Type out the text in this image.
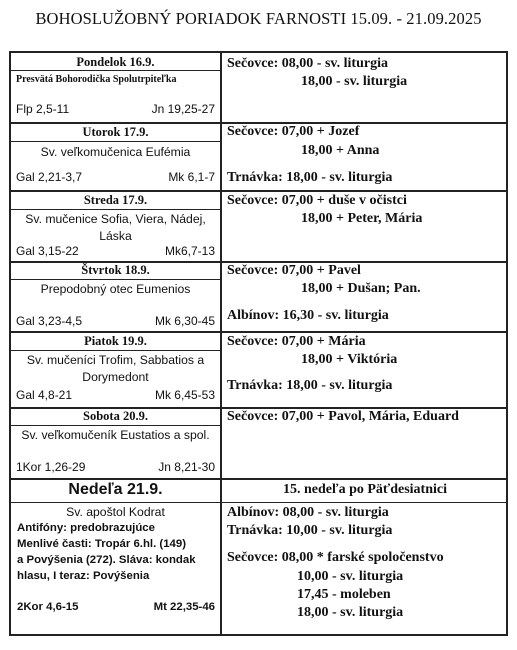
BOHOSLUŽOBNÝ PORIADOK FARNOSTI 15.09. - 21.09.2025
Pondelok 16.9.
Presvätá Bohorodička Spolutrpiteľka
Flp 2,5-11	Jn 19,25-27
Sečovce: 08,00 - sv. liturgia
18,00 - sv. liturgia
Utorok 17.9.
Sv. veľkomučenica Eufémia
Gal 2,21-3,7	Mk 6,1-7
Sečovce: 07,00 + Jozef
18,00 + Anna
Trnávka: 18,00 - sv. liturgia
Streda 17.9.
Sv. mučenice Sofia, Viera, Nádej, Láska
Gal 3,15-22	Mk6,7-13
Sečovce: 07,00 + duše v očistci
18,00 + Peter, Mária
Štvrtok 18.9.
Prepodobný otec Eumenios
Gal 3,23-4,5	Mk 6,30-45
Sečovce: 07,00 + Pavel
18,00 + Dušan; Pan.
Albínov: 16,30 - sv. liturgia
Piatok 19.9.
Sv. mučeníci Trofim, Sabbatios a Dorymedont
Gal 4,8-21	Mk 6,45-53
Sečovce: 07,00 + Mária
18,00 + Viktória
Trnávka: 18,00 - sv. liturgia
Sobota 20.9.
Sv. veľkomučeník Eustatios a spol.
1Kor 1,26-29	Jn 8,21-30
Sečovce: 07,00 + Pavol, Mária, Eduard
Nedeľa 21.9.	15. nedeľa po Päťdesiatnici
Sv. apoštol Kodrat
Antifóny: predobrazujúce
Menlivé časti: Tropár 6.hl. (149)
a Povýšenia (272). Sláva: kondak
hlasu, I teraz: Povýšenia
2Kor 4,6-15	Mt 22,35-46
Albínov: 08,00 - sv. liturgia
Trnávka: 10,00 - sv. liturgia
Sečovce: 08,00 * farské spoločenstvo
10,00 - sv. liturgia
17,45 - moleben
18,00 - sv. liturgia
